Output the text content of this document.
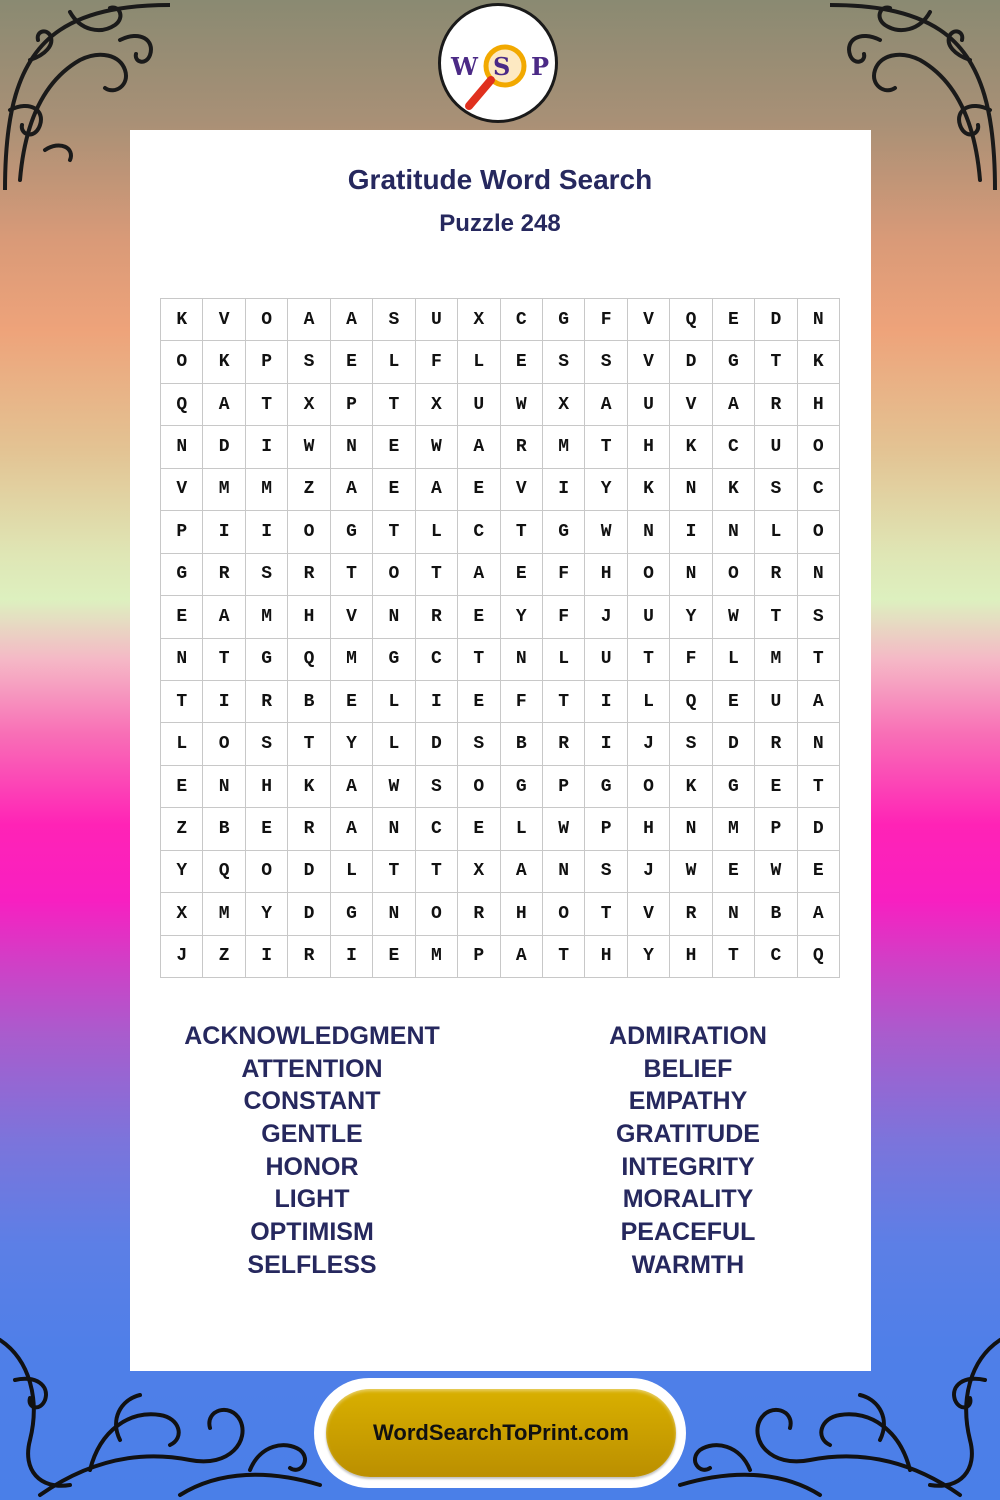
W S P
Gratitude Word Search
Puzzle 248
K	V	O	A	A	S	U	X	C	G	F	V	Q	E	D	N
O	K	P	S	E	L	F	L	E	S	S	V	D	G	T	K
Q	A	T	X	P	T	X	U	W	X	A	U	V	A	R	H
N	D	I	W	N	E	W	A	R	M	T	H	K	C	U	O
V	M	M	Z	A	E	A	E	V	I	Y	K	N	K	S	C
P	I	I	O	G	T	L	C	T	G	W	N	I	N	L	O
G	R	S	R	T	O	T	A	E	F	H	O	N	O	R	N
E	A	M	H	V	N	R	E	Y	F	J	U	Y	W	T	S
N	T	G	Q	M	G	C	T	N	L	U	T	F	L	M	T
T	I	R	B	E	L	I	E	F	T	I	L	Q	E	U	A
L	O	S	T	Y	L	D	S	B	R	I	J	S	D	R	N
E	N	H	K	A	W	S	O	G	P	G	O	K	G	E	T
Z	B	E	R	A	N	C	E	L	W	P	H	N	M	P	D
Y	Q	O	D	L	T	T	X	A	N	S	J	W	E	W	E
X	M	Y	D	G	N	O	R	H	O	T	V	R	N	B	A
J	Z	I	R	I	E	M	P	A	T	H	Y	H	T	C	Q
ACKNOWLEDGMENT
ATTENTION
CONSTANT
GENTLE
HONOR
LIGHT
OPTIMISM
SELFLESS
ADMIRATION
BELIEF
EMPATHY
GRATITUDE
INTEGRITY
MORALITY
PEACEFUL
WARMTH
WordSearchToPrint.com
